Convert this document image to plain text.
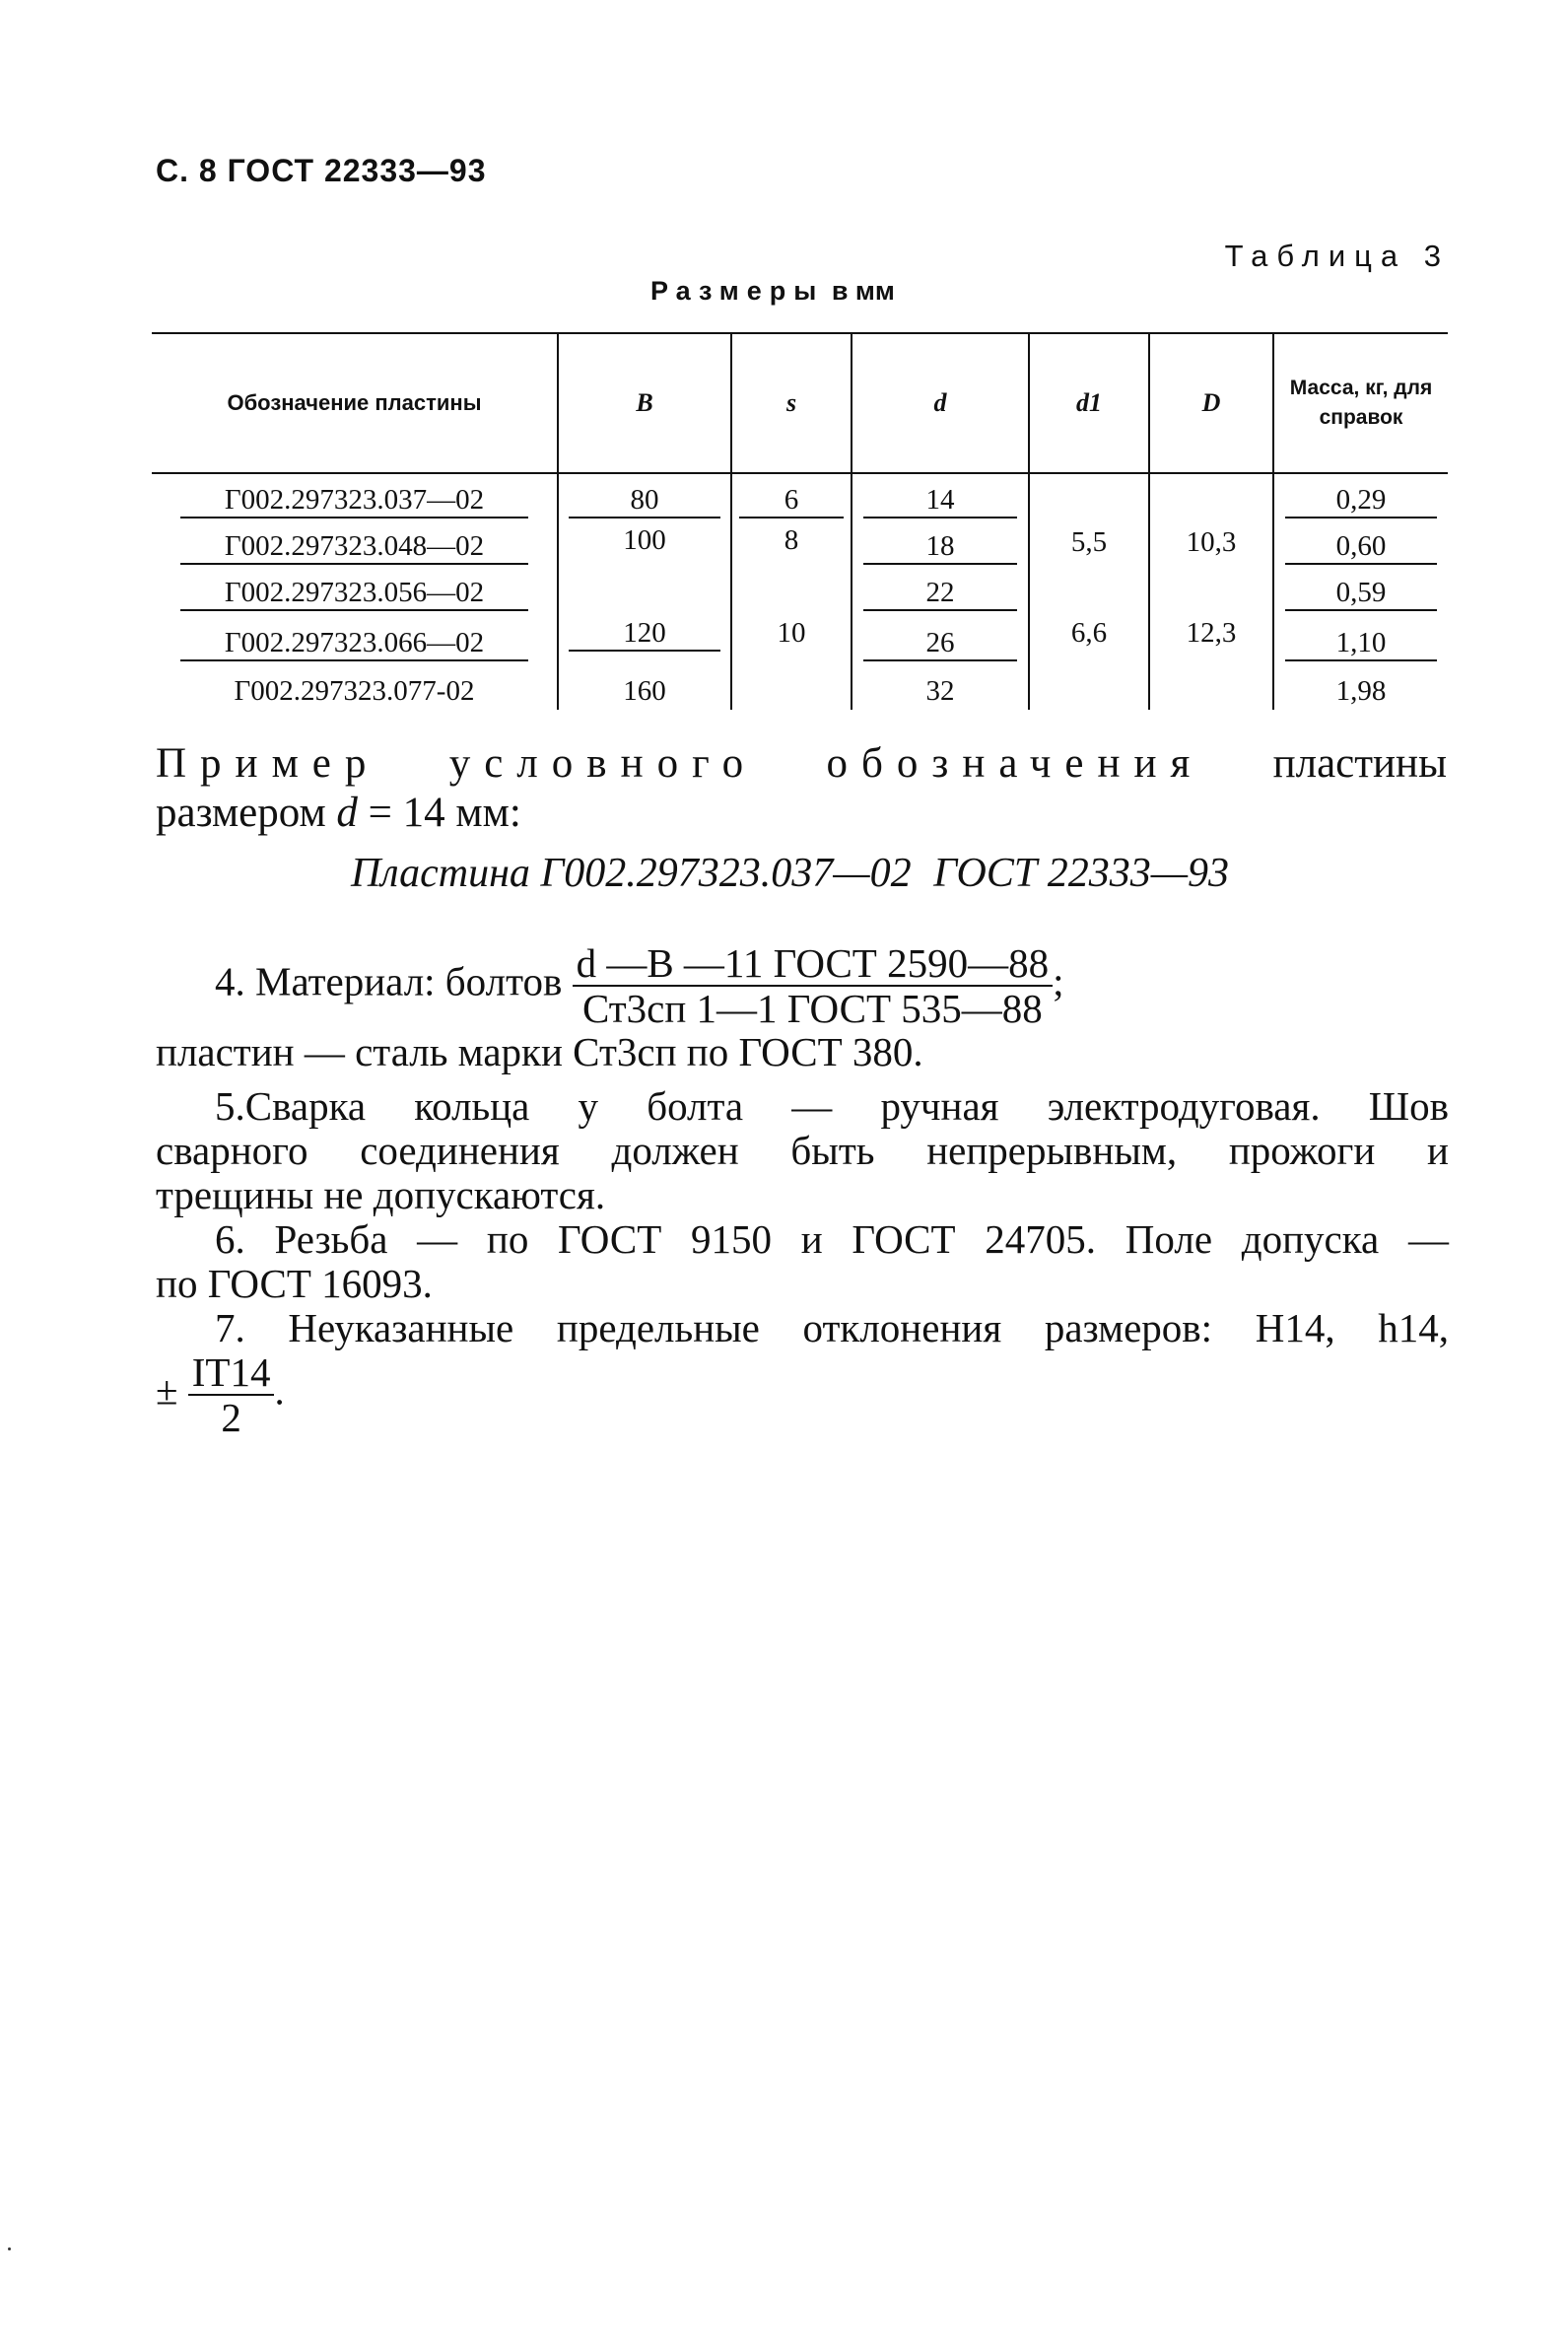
С. 8 ГОСТ 22333—93
Таблица 3
Размеры в мм
Обозначение пластины	B	s	d	d1	D	Масса, кг, для справок
Г002.297323.037—02	80	6	14	5,5	10,3	0,29
Г002.297323.048—02	100	8	18			0,60
Г002.297323.056—02			22			0,59
Г002.297323.066—02	120	10	26	6,6	12,3	1,10
Г002.297323.077-02	160		32			1,98
Пример условного обозначения пластины
размером d = 14 мм:
Пластина Г002.297323.037—02 ГОСТ 22333—93
4. Материал: болтов $\frac{\text{d —B —11 ГОСТ 2590—88}}{\text{Ст3сп 1—1 ГОСТ 535—88}}$ ;
пластин — сталь марки Ст3сп по ГОСТ 380.
5.Сварка кольца у болта — ручная электродуговая. Шов
сварного соединения должен быть непрерывным, прожоги и
трещины не допускаются.
6. Резьба — по ГОСТ 9150 и ГОСТ 24705. Поле допуска —
по ГОСТ 16093.
7. Неуказанные предельные отклонения размеров: H14, h14,
± $\frac{IT14}{2}$ .
